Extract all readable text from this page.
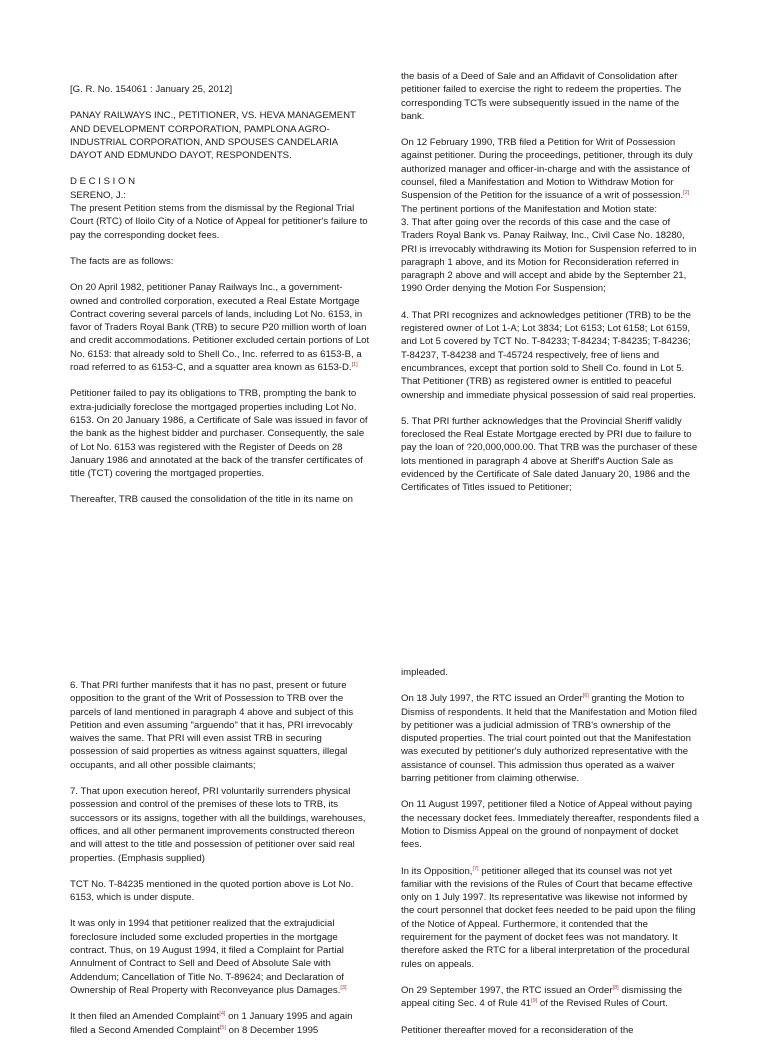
[G. R. No. 154061 : January 25, 2012]

PANAY RAILWAYS INC., PETITIONER, VS. HEVA MANAGEMENT AND DEVELOPMENT CORPORATION, PAMPLONA AGRO-INDUSTRIAL CORPORATION, AND SPOUSES CANDELARIA DAYOT AND EDMUNDO DAYOT, RESPONDENTS.

D E C I S I O N

SERENO, J.:

The present Petition stems from the dismissal by the Regional Trial Court (RTC) of Iloilo City of a Notice of Appeal for petitioner's failure to pay the corresponding docket fees.

The facts are as follows:

On 20 April 1982, petitioner Panay Railways Inc., a government-owned and controlled corporation, executed a Real Estate Mortgage Contract covering several parcels of lands, including Lot No. 6153, in favor of Traders Royal Bank (TRB) to secure P20 million worth of loan and credit accommodations. Petitioner excluded certain portions of Lot No. 6153: that already sold to Shell Co., Inc. referred to as 6153-B, a road referred to as 6153-C, and a squatter area known as 6153-D.[1]

Petitioner failed to pay its obligations to TRB, prompting the bank to extra-judicially foreclose the mortgaged properties including Lot No. 6153. On 20 January 1986, a Certificate of Sale was issued in favor of the bank as the highest bidder and purchaser. Consequently, the sale of Lot No. 6153 was registered with the Register of Deeds on 28 January 1986 and annotated at the back of the transfer certificates of title (TCT) covering the mortgaged properties.

Thereafter, TRB caused the consolidation of the title in its name on

the basis of a Deed of Sale and an Affidavit of Consolidation after petitioner failed to exercise the right to redeem the properties. The corresponding TCTs were subsequently issued in the name of the bank.

On 12 February 1990, TRB filed a Petition for Writ of Possession against petitioner. During the proceedings, petitioner, through its duly authorized manager and officer-in-charge and with the assistance of counsel, filed a Manifestation and Motion to Withdraw Motion for Suspension of the Petition for the issuance of a writ of possession.[2] The pertinent portions of the Manifestation and Motion state:

3. That after going over the records of this case and the case of Traders Royal Bank vs. Panay Railway, Inc., Civil Case No. 18280, PRI is irrevocably withdrawing its Motion for Suspension referred to in paragraph 1 above, and its Motion for Reconsideration referred in paragraph 2 above and will accept and abide by the September 21, 1990 Order denying the Motion For Suspension;

4. That PRI recognizes and acknowledges petitioner (TRB) to be the registered owner of Lot 1-A; Lot 3834; Lot 6153; Lot 6158; Lot 6159, and Lot 5 covered by TCT No. T-84233; T-84234; T-84235; T-84236; T-84237, T-84238 and T-45724 respectively, free of liens and encumbrances, except that portion sold to Shell Co. found in Lot 5. That Petitioner (TRB) as registered owner is entitled to peaceful ownership and immediate physical possession of said real properties.

5. That PRI further acknowledges that the Provincial Sheriff validly foreclosed the Real Estate Mortgage erected by PRI due to failure to pay the loan of ?20,000,000.00. That TRB was the purchaser of these lots mentioned in paragraph 4 above at Sheriff's Auction Sale as evidenced by the Certificate of Sale dated January 20, 1986 and the Certificates of Titles issued to Petitioner;

6. That PRI further manifests that it has no past, present or future opposition to the grant of the Writ of Possession to TRB over the parcels of land mentioned in paragraph 4 above and subject of this Petition and even assuming "arguendo" that it has, PRI irrevocably waives the same. That PRI will even assist TRB in securing possession of said properties as witness against squatters, illegal occupants, and all other possible claimants;

7. That upon execution hereof, PRI voluntarily surrenders physical possession and control of the premises of these lots to TRB, its successors or its assigns, together with all the buildings, warehouses, offices, and all other permanent improvements constructed thereon and will attest to the title and possession of petitioner over said real properties. (Emphasis supplied)

TCT No. T-84235 mentioned in the quoted portion above is Lot No. 6153, which is under dispute.

It was only in 1994 that petitioner realized that the extrajudicial foreclosure included some excluded properties in the mortgage contract. Thus, on 19 August 1994, it filed a Complaint for Partial Annulment of Contract to Sell and Deed of Absolute Sale with Addendum; Cancellation of Title No. T-89624; and Declaration of Ownership of Real Property with Reconveyance plus Damages.[3]

It then filed an Amended Complaint[4] on 1 January 1995 and again filed a Second Amended Complaint[5] on 8 December 1995

impleaded.

On 18 July 1997, the RTC issued an Order[6] granting the Motion to Dismiss of respondents. It held that the Manifestation and Motion filed by petitioner was a judicial admission of TRB's ownership of the disputed properties. The trial court pointed out that the Manifestation was executed by petitioner's duly authorized representative with the assistance of counsel. This admission thus operated as a waiver barring petitioner from claiming otherwise.

On 11 August 1997, petitioner filed a Notice of Appeal without paying the necessary docket fees. Immediately thereafter, respondents filed a Motion to Dismiss Appeal on the ground of nonpayment of docket fees.

In its Opposition,[7] petitioner alleged that its counsel was not yet familiar with the revisions of the Rules of Court that became effective only on 1 July 1997. Its representative was likewise not informed by the court personnel that docket fees needed to be paid upon the filing of the Notice of Appeal. Furthermore, it contended that the requirement for the payment of docket fees was not mandatory. It therefore asked the RTC for a liberal interpretation of the procedural rules on appeals.

On 29 September 1997, the RTC issued an Order[8] dismissing the appeal citing Sec. 4 of Rule 41[9] of the Revised Rules of Court.

Petitioner thereafter moved for a reconsideration of the
